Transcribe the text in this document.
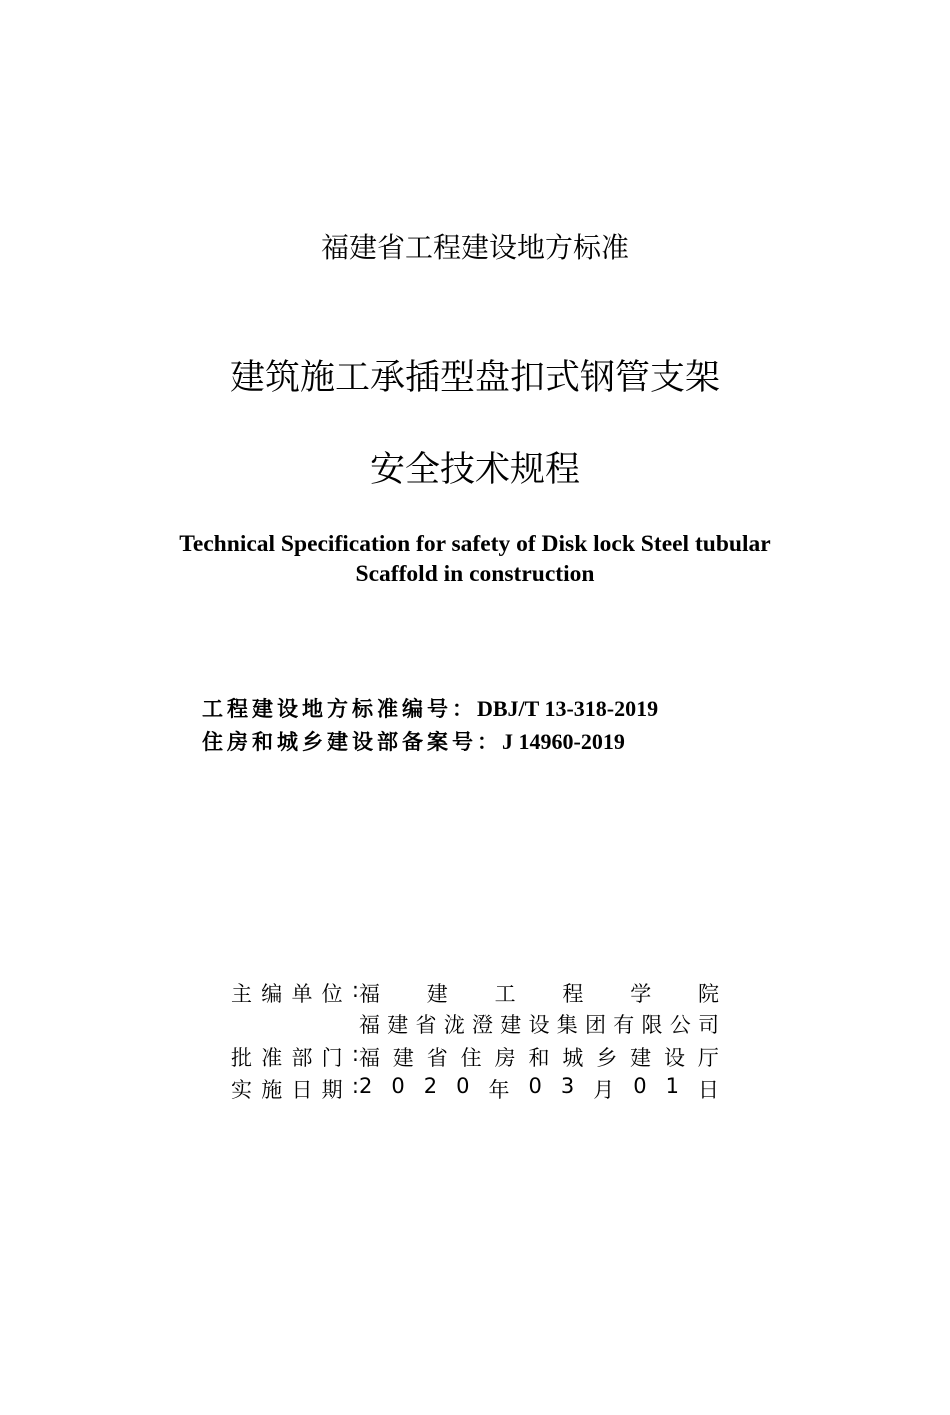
福建省工程建设地方标准
建筑施工承插型盘扣式钢管支架
安全技术规程
Technical Specification for safety of Disk lock Steel tubular
Scaffold in construction
工程建设地方标准编号：DBJ/T 13-318-2019
住房和城乡建设部备案号：J 14960-2019
主 编 单 位 : 福 建 工 程 学 院
福 建 省 泷 澄 建 设 集 团 有 限 公 司
批 准 部 门 : 福 建 省 住 房 和 城 乡 建 设 厅
实 施 日 期 : 2 0 2 0 年 0 3 月 0 1 日
